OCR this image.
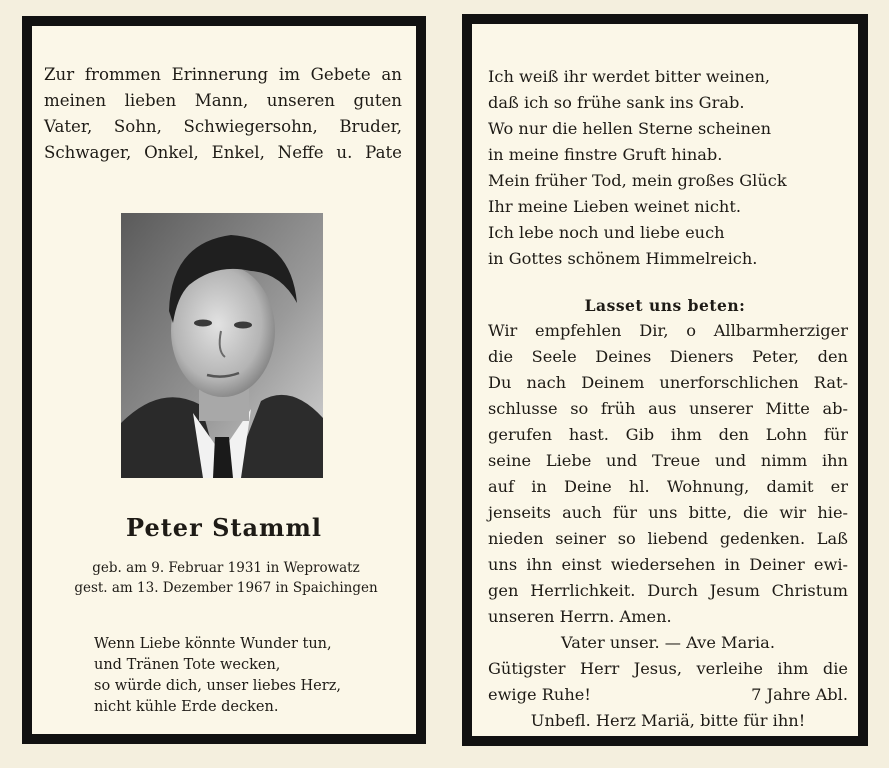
Zur frommen Erinnerung im Gebete an
meinen lieben Mann, unseren guten
Vater, Sohn, Schwiegersohn, Bruder,
Schwager, Onkel, Enkel, Neffe u. Pate
Peter Stamml
geb. am 9. Februar 1931 in Weprowatz
gest. am 13. Dezember 1967 in Spaichingen
Wenn Liebe könnte Wunder tun,
und Tränen Tote wecken,
so würde dich, unser liebes Herz,
nicht kühle Erde decken.
Ich weiß ihr werdet bitter weinen,
daß ich so frühe sank ins Grab.
Wo nur die hellen Sterne scheinen
in meine finstre Gruft hinab.
Mein früher Tod, mein großes Glück
Ihr meine Lieben weinet nicht.
Ich lebe noch und liebe euch
in Gottes schönem Himmelreich.
Lasset uns beten:
Wir empfehlen Dir, o Allbarmherziger
die Seele Deines Dieners Peter, den
Du nach Deinem unerforschlichen Rat-
schlusse so früh aus unserer Mitte ab-
gerufen hast. Gib ihm den Lohn für
seine Liebe und Treue und nimm ihn
auf in Deine hl. Wohnung, damit er
jenseits auch für uns bitte, die wir hie-
nieden seiner so liebend gedenken. Laß
uns ihn einst wiedersehen in Deiner ewi-
gen Herrlichkeit. Durch Jesum Christum
unseren Herrn. Amen.
Vater unser. — Ave Maria.
Gütigster Herr Jesus, verleihe ihm die
ewige Ruhe!	7 Jahre Abl.
Unbefl. Herz Mariä, bitte für ihn!
